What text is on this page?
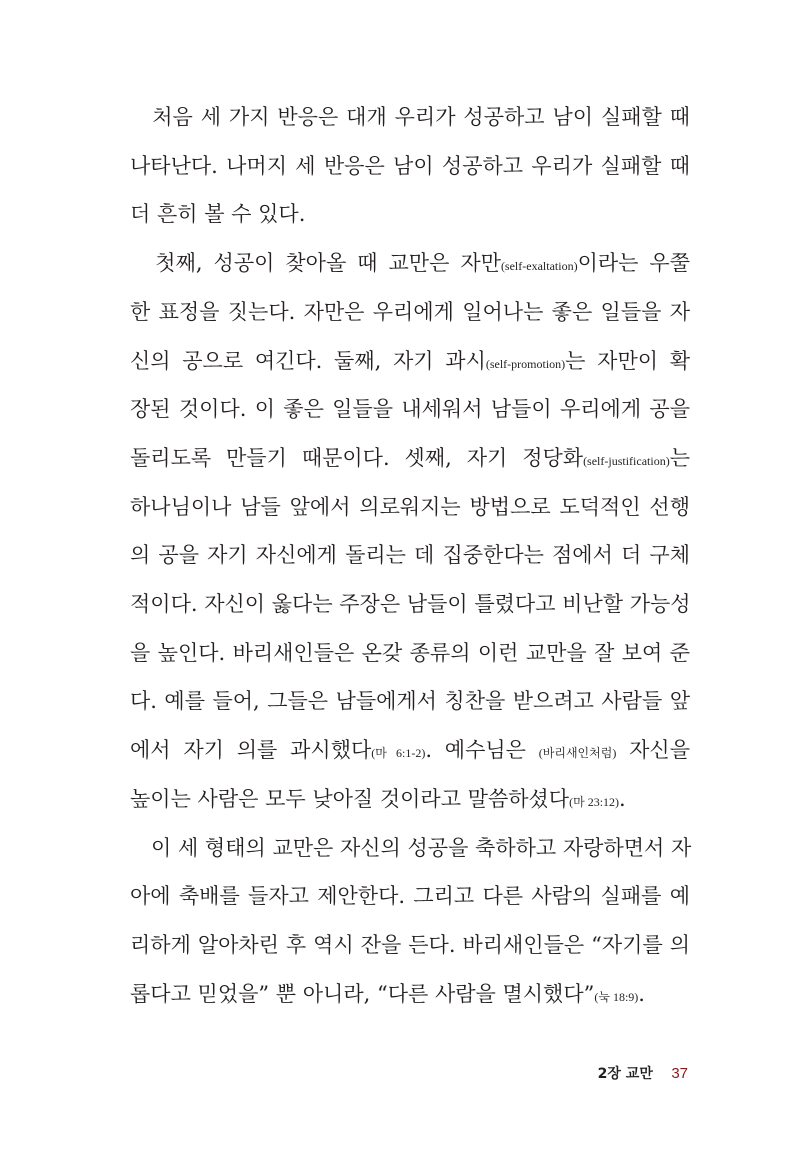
　처음 세 가지 반응은 대개 우리가 성공하고 남이 실패할 때
나타난다. 나머지 세 반응은 남이 성공하고 우리가 실패할 때
더 흔히 볼 수 있다.
　첫째, 성공이 찾아올 때 교만은 자만(self-exaltation)이라는 우쭐
한 표정을 짓는다. 자만은 우리에게 일어나는 좋은 일들을 자
신의 공으로 여긴다. 둘째, 자기 과시(self-promotion)는 자만이 확
장된 것이다. 이 좋은 일들을 내세워서 남들이 우리에게 공을
돌리도록 만들기 때문이다. 셋째, 자기 정당화(self-justification)는
하나님이나 남들 앞에서 의로워지는 방법으로 도덕적인 선행
의 공을 자기 자신에게 돌리는 데 집중한다는 점에서 더 구체
적이다. 자신이 옳다는 주장은 남들이 틀렸다고 비난할 가능성
을 높인다. 바리새인들은 온갖 종류의 이런 교만을 잘 보여 준
다. 예를 들어, 그들은 남들에게서 칭찬을 받으려고 사람들 앞
에서 자기 의를 과시했다(마 6:1-2). 예수님은 (바리새인처럼) 자신을
높이는 사람은 모두 낮아질 것이라고 말씀하셨다(마 23:12).
　이 세 형태의 교만은 자신의 성공을 축하하고 자랑하면서 자
아에 축배를 들자고 제안한다. 그리고 다른 사람의 실패를 예
리하게 알아차린 후 역시 잔을 든다. 바리새인들은 “자기를 의
롭다고 믿었을” 뿐 아니라, “다른 사람을 멸시했다”(눅 18:9).
2장 교만 37
